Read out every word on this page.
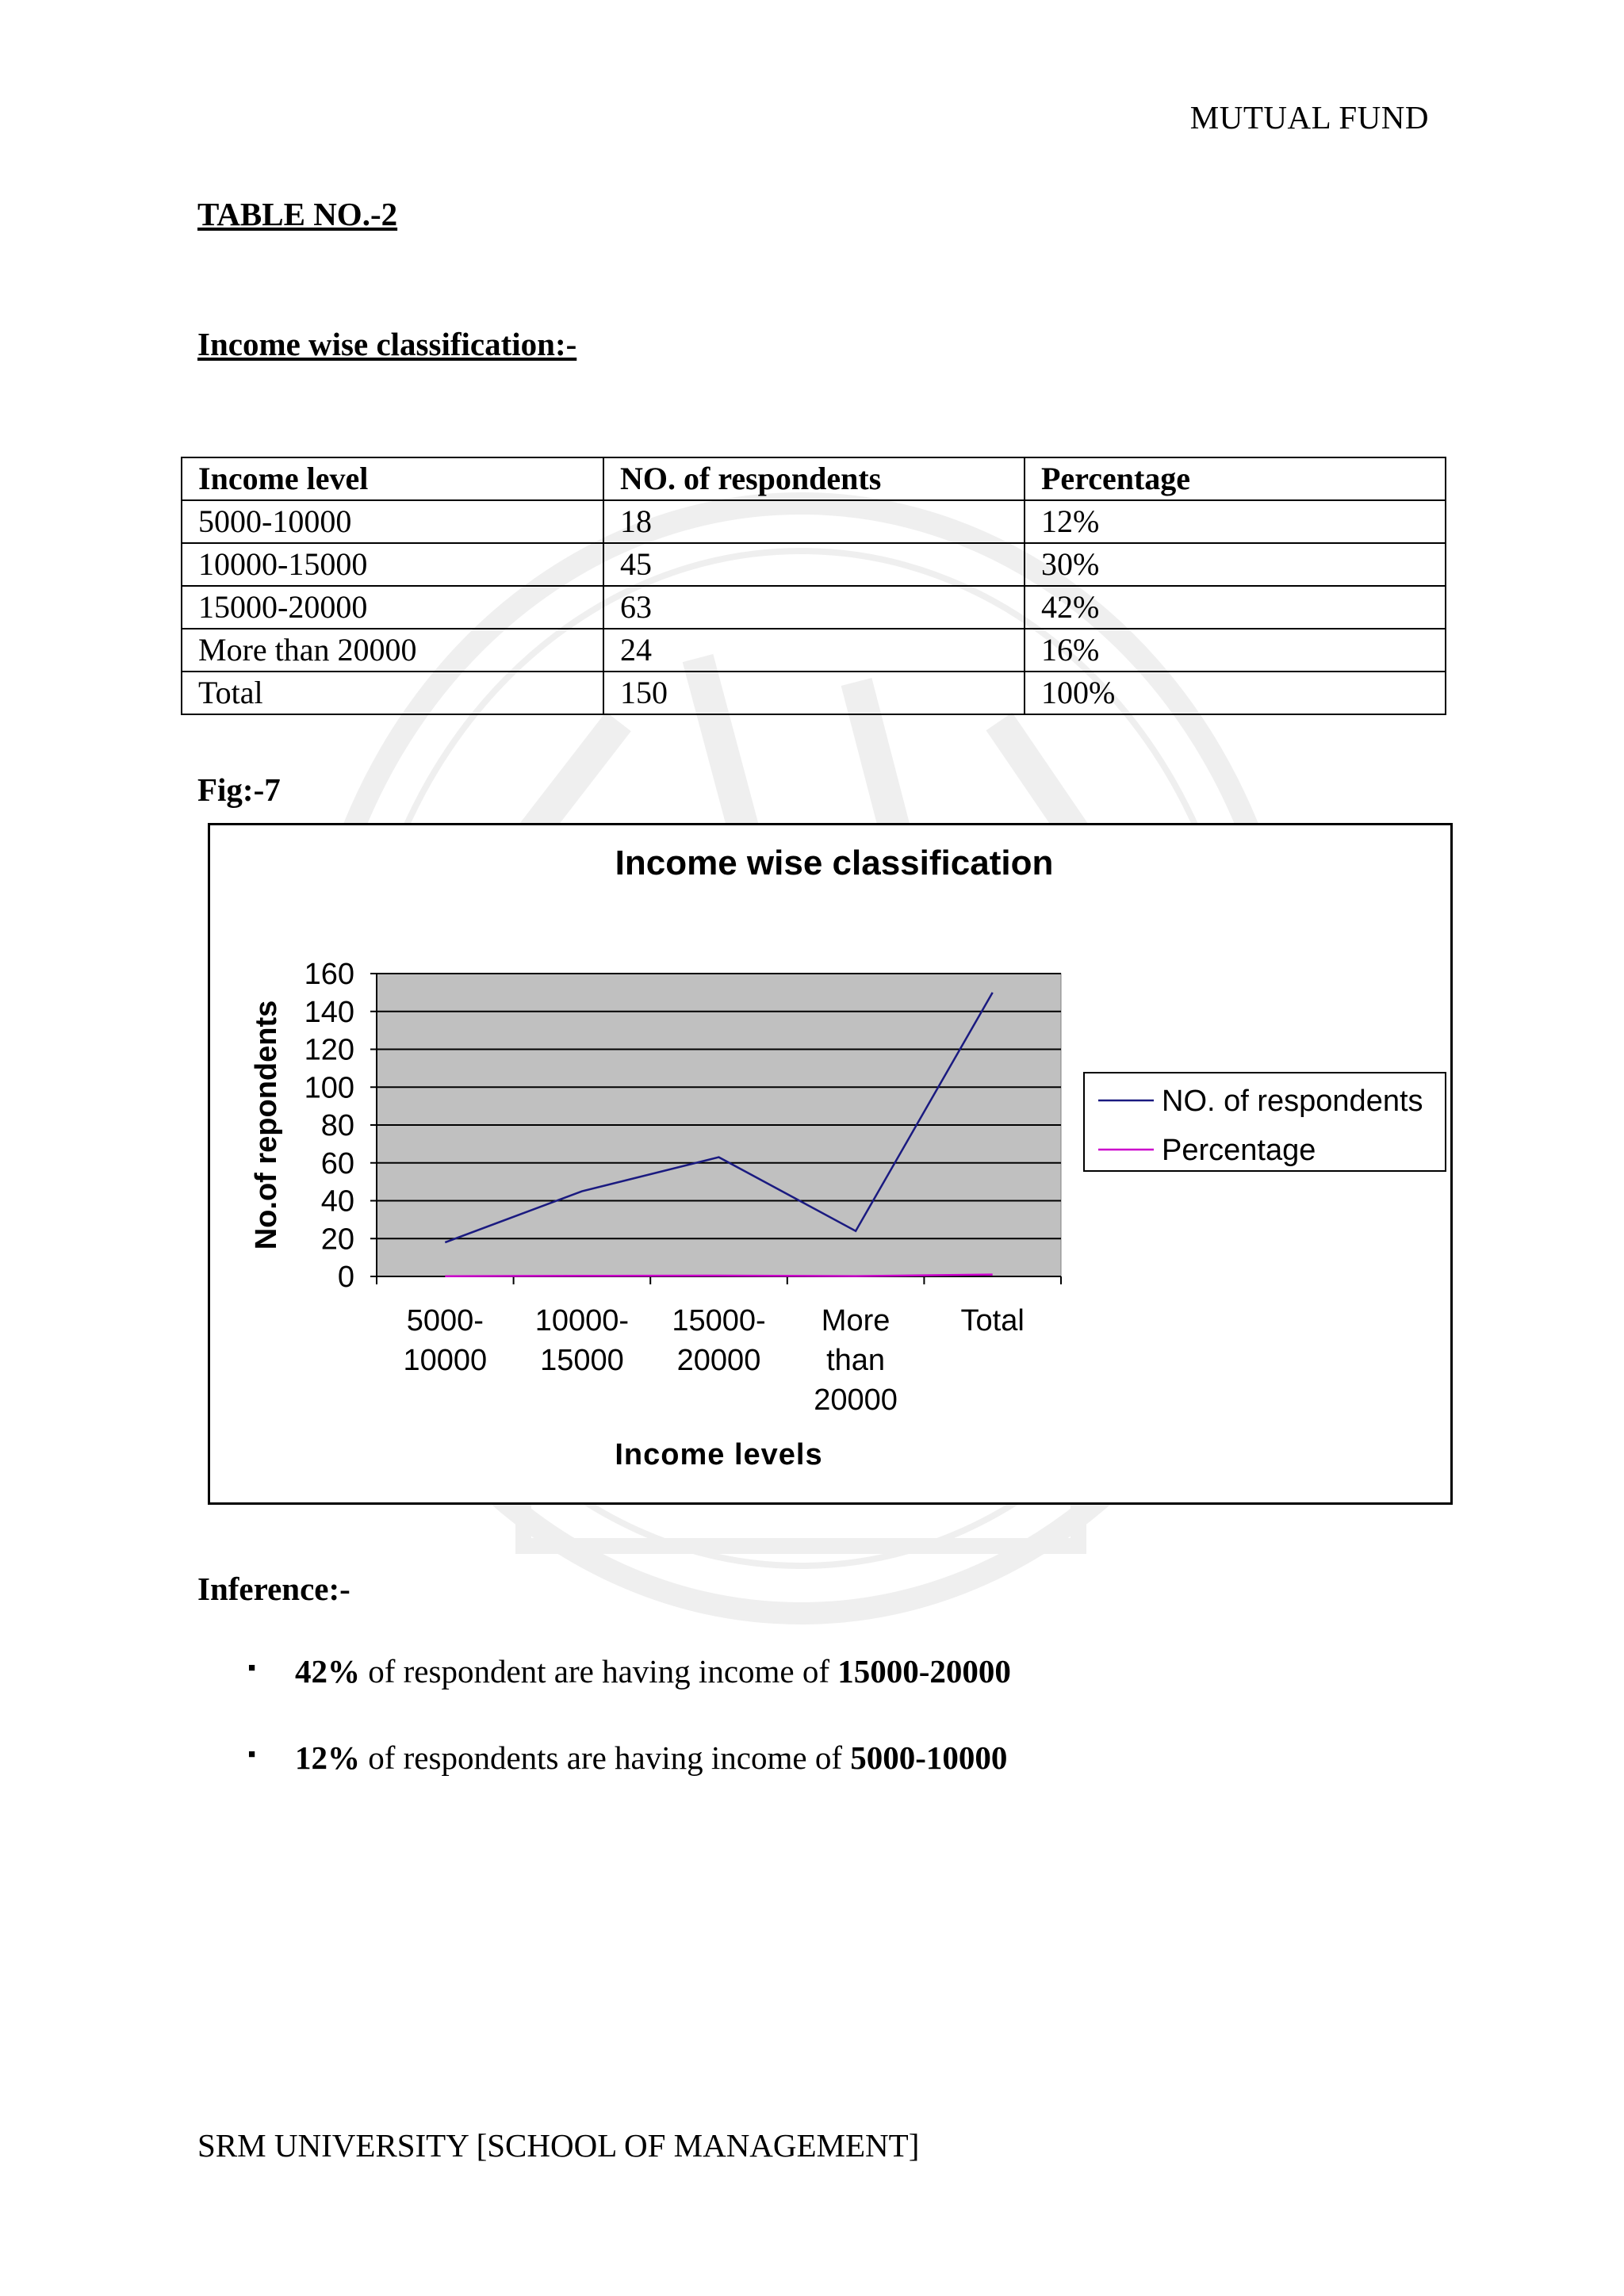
MUTUAL FUND
TABLE NO.-2
Income wise classification:-
Income level	NO. of respondents	Percentage
5000-10000	18	12%
10000-15000	45	30%
15000-20000	63	42%
More than 20000	24	16%
Total	150	100%
Fig:-7
Income wise classification
0
20
40
60
80
100
120
140
160
5000-
10000
10000-
15000
15000-
20000
More
than
20000
Total
Income levels
No.of repondents	NO. of respondents
Percentage
Inference:-
■ 42% of respondent are having income of 15000-20000
■ 12% of respondents are having income of 5000-10000
SRM UNIVERSITY [SCHOOL OF MANAGEMENT]
